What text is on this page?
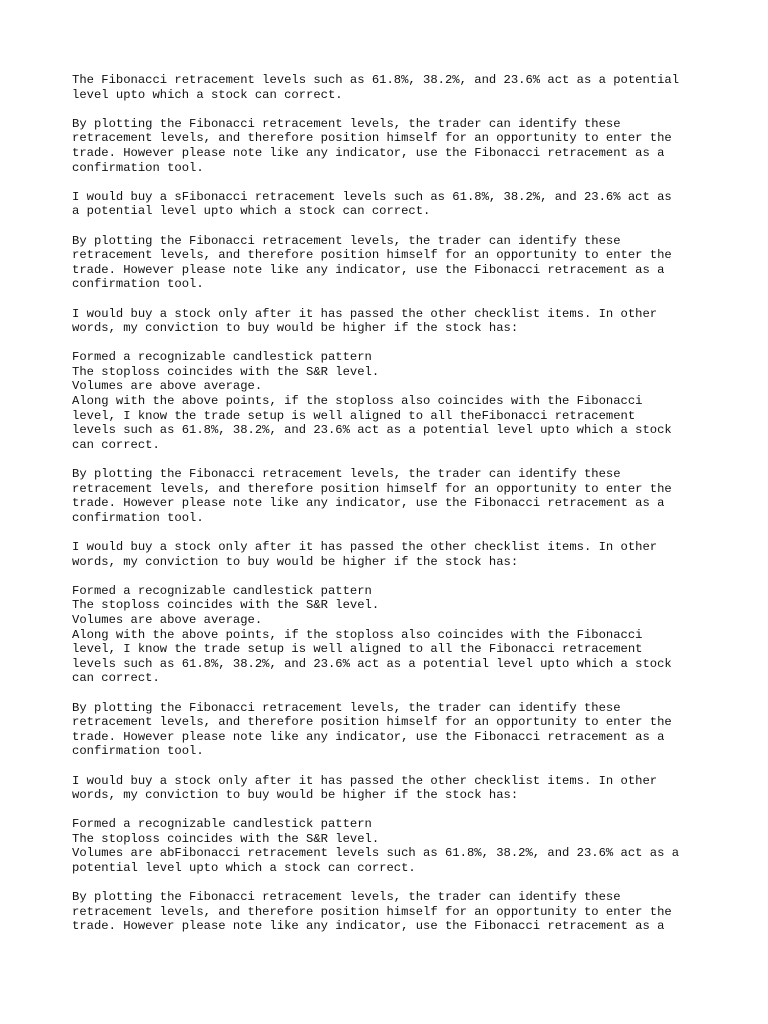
The Fibonacci retracement levels such as 61.8%, 38.2%, and 23.6% act as a potential
level upto which a stock can correct.

By plotting the Fibonacci retracement levels, the trader can identify these
retracement levels, and therefore position himself for an opportunity to enter the
trade. However please note like any indicator, use the Fibonacci retracement as a
confirmation tool.

I would buy a sFibonacci retracement levels such as 61.8%, 38.2%, and 23.6% act as
a potential level upto which a stock can correct.

By plotting the Fibonacci retracement levels, the trader can identify these
retracement levels, and therefore position himself for an opportunity to enter the
trade. However please note like any indicator, use the Fibonacci retracement as a
confirmation tool.

I would buy a stock only after it has passed the other checklist items. In other
words, my conviction to buy would be higher if the stock has:

Formed a recognizable candlestick pattern
The stoploss coincides with the S&R level.
Volumes are above average.
Along with the above points, if the stoploss also coincides with the Fibonacci
level, I know the trade setup is well aligned to all theFibonacci retracement
levels such as 61.8%, 38.2%, and 23.6% act as a potential level upto which a stock
can correct.

By plotting the Fibonacci retracement levels, the trader can identify these
retracement levels, and therefore position himself for an opportunity to enter the
trade. However please note like any indicator, use the Fibonacci retracement as a
confirmation tool.

I would buy a stock only after it has passed the other checklist items. In other
words, my conviction to buy would be higher if the stock has:

Formed a recognizable candlestick pattern
The stoploss coincides with the S&R level.
Volumes are above average.
Along with the above points, if the stoploss also coincides with the Fibonacci
level, I know the trade setup is well aligned to all the Fibonacci retracement
levels such as 61.8%, 38.2%, and 23.6% act as a potential level upto which a stock
can correct.

By plotting the Fibonacci retracement levels, the trader can identify these
retracement levels, and therefore position himself for an opportunity to enter the
trade. However please note like any indicator, use the Fibonacci retracement as a
confirmation tool.

I would buy a stock only after it has passed the other checklist items. In other
words, my conviction to buy would be higher if the stock has:

Formed a recognizable candlestick pattern
The stoploss coincides with the S&R level.
Volumes are abFibonacci retracement levels such as 61.8%, 38.2%, and 23.6% act as a
potential level upto which a stock can correct.

By plotting the Fibonacci retracement levels, the trader can identify these
retracement levels, and therefore position himself for an opportunity to enter the
trade. However please note like any indicator, use the Fibonacci retracement as a
